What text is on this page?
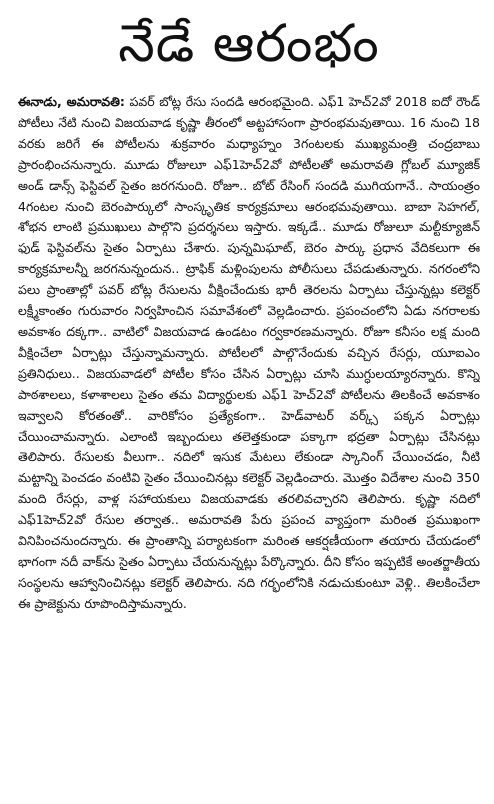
నేడే ఆరంభం

ఈనాడు, అమరావతి: పవర్ బోట్ల రేసు సందడి ఆరంభమైంది. ఎఫ్1 హెచ్2వో 2018 ఐదో రౌండ్ పోటీలు నేటి నుంచి విజయవాడ కృష్ణా తీరంలో అట్టహాసంగా ప్రారంభమవుతాయి. 16 నుంచి 18 వరకు జరిగే ఈ పోటీలను శుక్రవారం మధ్యాహ్నం 3గంటలకు ముఖ్యమంత్రి చంద్రబాబు ప్రారంభించనున్నారు. మూడు రోజులూ ఎఫ్1హెచ్2వో పోటీలతో అమరావతి గ్లోబల్ మ్యూజిక్ అండ్ డాన్స్ ఫెస్టివల్ సైతం జరగనుంది. రోజూ.. బోట్ రేసింగ్ సందడి ముగియగానే.. సాయంత్రం 4గంటల నుంచి బెరంపార్కులో సాంస్కృతిక కార్యక్రమాలు ఆరంభమవుతాయి. బాబా సెహగల్, శోభన లాంటి ప్రముఖులు పాల్గొని ప్రదర్శనలు ఇస్తారు. ఇక్కడే.. మూడు రోజులూ మల్టీక్యూజిన్ ఫుడ్ ఫెస్టివల్‌ను సైతం ఏర్పాటు చేశారు. పున్నమిఘాట్, బెరం పార్కు ప్రధాన వేదికలుగా ఈ కార్యక్రమాలన్నీ జరగనున్నందున.. ట్రాఫిక్ మళ్లింపులను పోలీసులు చేపడుతున్నారు. నగరంలోని పలు ప్రాంతాల్లో పవర్ బోట్ల రేసులను వీక్షించేందుకు భారీ తెరలను ఏర్పాటు చేస్తున్నట్లు కలెక్టర్ లక్ష్మీకాంతం గురువారం నిర్వహించిన సమావేశంలో వెల్లడించారు. ప్రపంచంలోని ఏడు నగరాలకు అవకాశం దక్కగా.. వాటిలో విజయవాడ ఉండటం గర్వకారణమన్నారు. రోజూ కనీసం లక్ష మంది వీక్షించేలా ఏర్పాట్లు చేస్తున్నామన్నారు. పోటీలలో పాల్గొనేందుకు వచ్చిన రేసర్లు, యూఐఎం ప్రతినిధులు.. విజయవాడలో పోటీల కోసం చేసిన ఏర్పాట్లు చూసి ముగ్ధులయ్యారన్నారు. కొన్ని పాఠశాలలు, కళాశాలలు సైతం తమ విద్యార్థులకు ఎఫ్1 హెచ్2వో పోటీలను తిలకించే అవకాశం ఇవ్వాలని కోరతంతో.. వారికోసం ప్రత్యేకంగా.. హెడ్‌వాటర్ వర్క్స్ పక్కన ఏర్పాట్లు చేయించామన్నారు. ఎలాంటి ఇబ్బందులు తలెత్తకుండా పక్కాగా భద్రతా ఏర్పాట్లు చేసినట్లు తెలిపారు. రేసులకు వీలుగా.. నదిలో ఇసుక మేటలు లేకుండా స్కానింగ్ చేయించడం, నీటి మట్టాన్ని పెంచడం వంటివి సైతం చేయించినట్లు కలెక్టర్ వెల్లడించారు. మొత్తం విదేశాల నుంచి 350 మంది రేసర్లు, వాళ్ల సహాయకులు విజయవాడకు తరలివచ్చారని తెలిపారు. కృష్ణా నదిలో ఎఫ్1హెచ్2వో రేసుల తర్వాత.. అమరావతి పేరు ప్రపంచ వ్యాప్తంగా మరింత ప్రముఖంగా వినిపించనుందన్నారు. ఈ ప్రాంతాన్ని పర్యాటకంగా మరింత ఆకర్షణీయంగా తయారు చేయడంలో భాగంగా నదీ వాక్‌ను సైతం ఏర్పాటు చేయనున్నట్లు పేర్కొన్నారు. దీని కోసం ఇప్పటికే అంతర్జాతీయ సంస్థలను ఆహ్వానించినట్లు కలెక్టర్ తెలిపారు. నది గర్భంలోనికి నడుచుకుంటూ వెళ్లి.. తిలకించేలా ఈ ప్రాజెక్టును రూపొందిస్తామన్నారు.
